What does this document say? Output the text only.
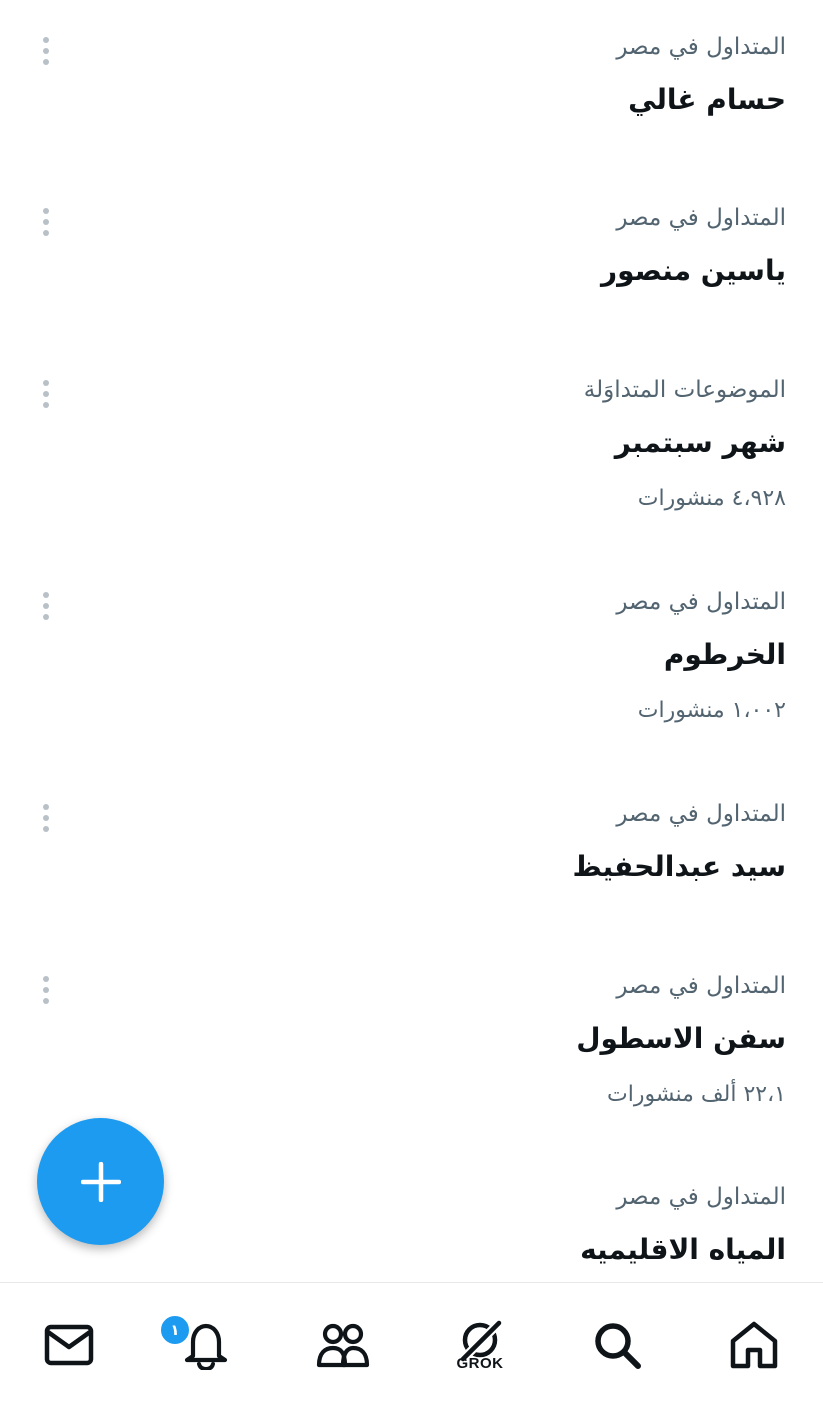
المتداول في مصر
حسام غالي
المتداول في مصر
ياسين منصور
الموضوعات المتداوَلة
شهر سبتمبر
٤،٩٢٨ منشورات
المتداول في مصر
الخرطوم
١،٠٠٢ منشورات
المتداول في مصر
سيد عبدالحفيظ
المتداول في مصر
سفن الاسطول
٢٢،١ ألف منشورات
المتداول في مصر
المياه الاقليميه
١
GROK
